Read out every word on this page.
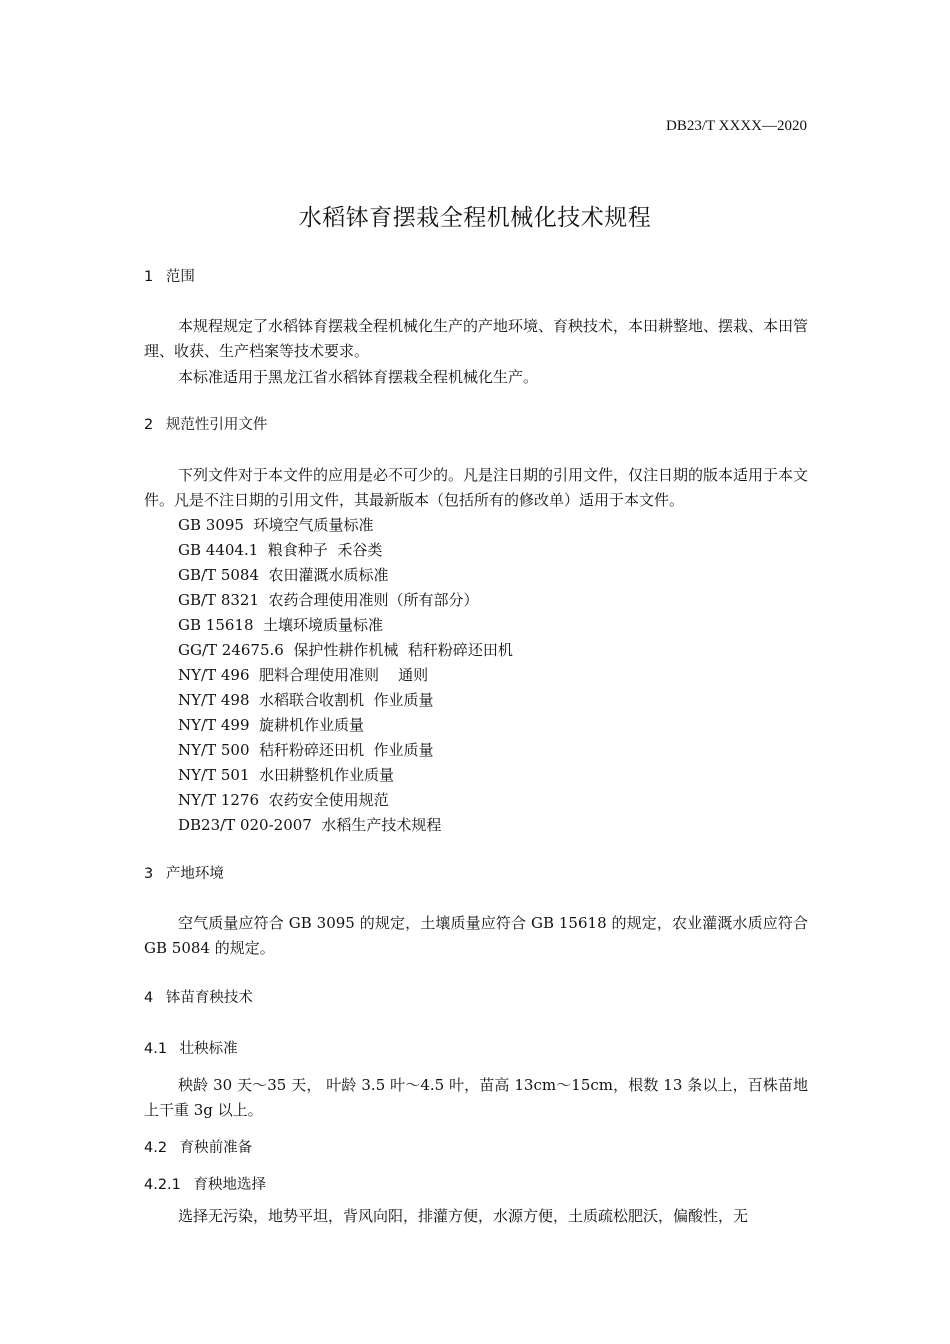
DB23/T XXXX—2020
水稻钵育摆栽全程机械化技术规程
1 范围
本规程规定了水稻钵育摆栽全程机械化生产的产地环境、育秧技术，本田耕整地、摆栽、本田管理、收获、生产档案等技术要求。
本标准适用于黑龙江省水稻钵育摆栽全程机械化生产。
2 规范性引用文件
下列文件对于本文件的应用是必不可少的。凡是注日期的引用文件，仅注日期的版本适用于本文件。凡是不注日期的引用文件，其最新版本（包括所有的修改单）适用于本文件。
GB 3095  环境空气质量标准
GB 4404.1  粮食种子  禾谷类
GB/T 5084  农田灌溉水质标准
GB/T 8321  农药合理使用准则（所有部分）
GB 15618  土壤环境质量标准
GG/T 24675.6  保护性耕作机械  秸秆粉碎还田机
NY/T 496  肥料合理使用准则    通则
NY/T 498  水稻联合收割机  作业质量
NY/T 499  旋耕机作业质量
NY/T 500  秸秆粉碎还田机  作业质量
NY/T 501  水田耕整机作业质量
NY/T 1276  农药安全使用规范
DB23/T 020-2007  水稻生产技术规程
3 产地环境
空气质量应符合 GB 3095 的规定，土壤质量应符合 GB 15618 的规定，农业灌溉水质应符合 GB 5084 的规定。
4 钵苗育秧技术
4.1 壮秧标准
秧龄 30 天～35 天， 叶龄 3.5 叶～4.5 叶，苗高 13cm～15cm，根数 13 条以上，百株苗地上干重 3g 以上。
4.2 育秧前准备
4.2.1 育秧地选择
选择无污染，地势平坦，背风向阳，排灌方便，水源方便，土质疏松肥沃，偏酸性，无
